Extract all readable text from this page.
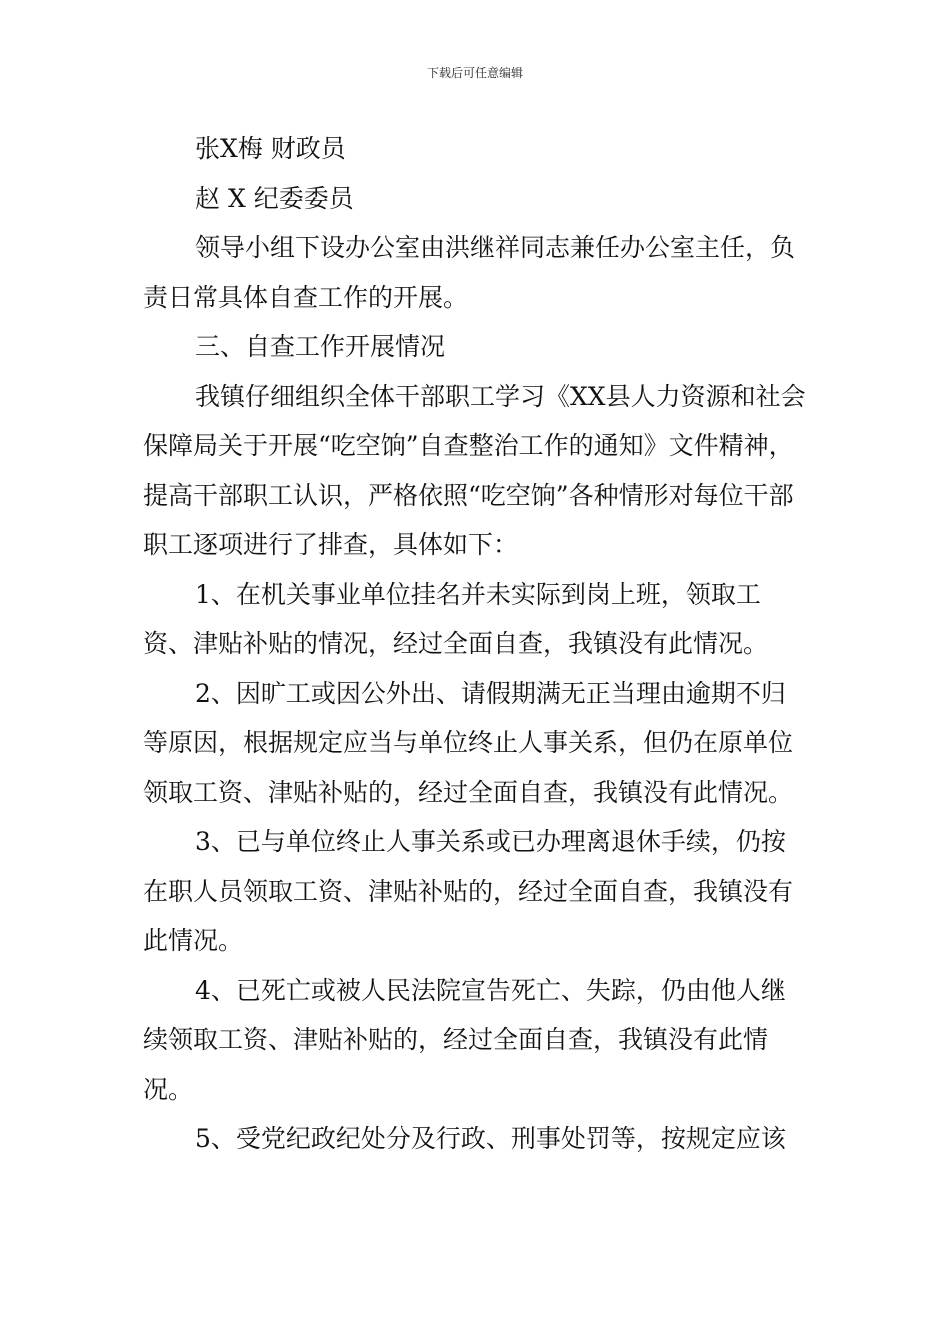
下载后可任意编辑

张X梅 财政员

赵 X 纪委委员

领导小组下设办公室由洪继祥同志兼任办公室主任，负责日常具体自查工作的开展。

三、自查工作开展情况

我镇仔细组织全体干部职工学习《XX县人力资源和社会保障局关于开展“吃空饷”自查整治工作的通知》文件精神，提高干部职工认识，严格依照“吃空饷”各种情形对每位干部职工逐项进行了排查，具体如下：

1、在机关事业单位挂名并未实际到岗上班，领取工资、津贴补贴的情况，经过全面自查，我镇没有此情况。

2、因旷工或因公外出、请假期满无正当理由逾期不归等原因，根据规定应当与单位终止人事关系，但仍在原单位领取工资、津贴补贴的，经过全面自查，我镇没有此情况。

3、已与单位终止人事关系或已办理离退休手续，仍按在职人员领取工资、津贴补贴的，经过全面自查，我镇没有此情况。

4、已死亡或被人民法院宣告死亡、失踪，仍由他人继续领取工资、津贴补贴的，经过全面自查，我镇没有此情况。

5、受党纪政纪处分及行政、刑事处罚等，按规定应该
